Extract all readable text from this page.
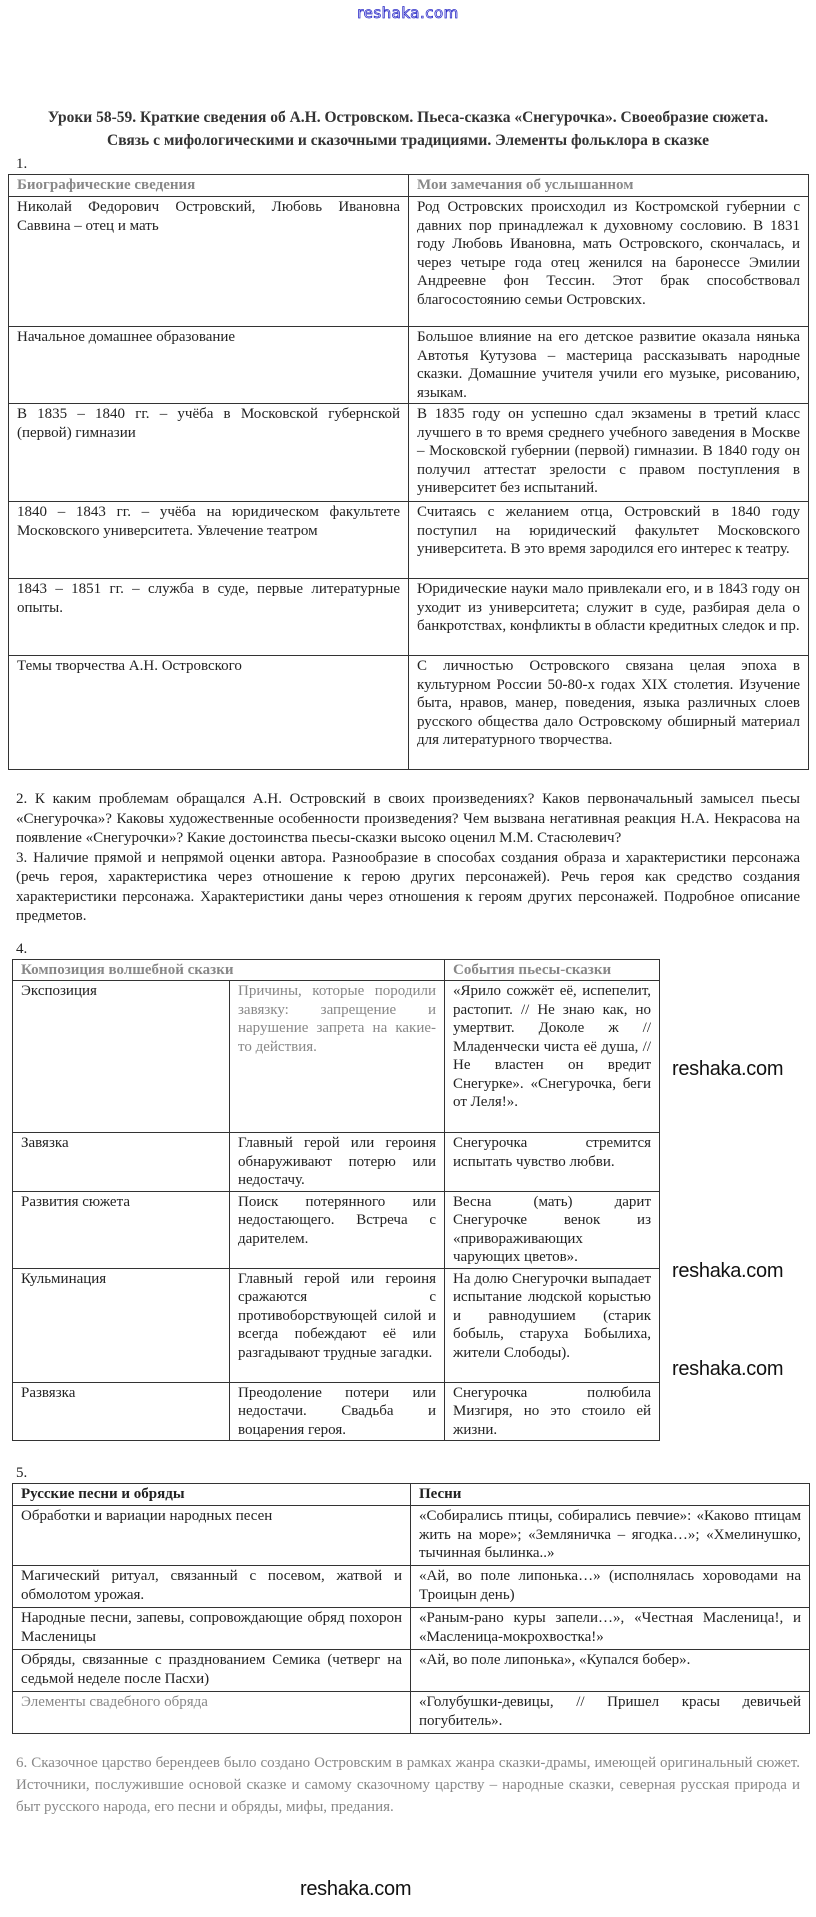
reshaka.com
Уроки 58-59. Краткие сведения об А.Н. Островском. Пьеса-сказка «Снегурочка». Своеобразие сюжета.
Связь с мифологическими и сказочными традициями. Элементы фольклора в сказке
1.
Биографические сведения	Мои замечания об услышанном
Николай Федорович Островский, Любовь Ивановна Саввина – отец и мать	Род Островских происходил из Костромской губернии с давних пор принадлежал к духовному сословию. В 1831 году Любовь Ивановна, мать Островского, скончалась, и через четыре года отец женился на баронессе Эмилии Андреевне фон Тессин. Этот брак способствовал благосостоянию семьи Островских.
Начальное домашнее образование	Большое влияние на его детское развитие оказала нянька Автотья Кутузова – мастерица рассказывать народные сказки. Домашние учителя учили его музыке, рисованию, языкам.
В 1835 – 1840 гг. – учёба в Московской губернской (первой) гимназии	В 1835 году он успешно сдал экзамены в третий класс лучшего в то время среднего учебного заведения в Москве – Московской губернии (первой) гимназии. В 1840 году он получил аттестат зрелости с правом поступления в университет без испытаний.
1840 – 1843 гг. – учёба на юридическом факультете Московского университета. Увлечение театром	Считаясь с желанием отца, Островский в 1840 году поступил на юридический факультет Московского университета. В это время зародился его интерес к театру.
1843 – 1851 гг. – служба в суде, первые литературные опыты.	Юридические науки мало привлекали его, и в 1843 году он уходит из университета; служит в суде, разбирая дела о банкротствах, конфликты в области кредитных следок и пр.
Темы творчества А.Н. Островского	С личностью Островского связана целая эпоха в культурном России 50-80-х годах XIX столетия. Изучение быта, нравов, манер, поведения, языка различных слоев русского общества дало Островскому обширный материал для литературного творчества.
2. К каким проблемам обращался А.Н. Островский в своих произведениях? Каков первоначальный замысел пьесы «Снегурочка»? Каковы художественные особенности произведения? Чем вызвана негативная реакция Н.А. Некрасова на появление «Снегурочки»? Какие достоинства пьесы-сказки высоко оценил М.М. Стасюлевич?
3. Наличие прямой и непрямой оценки автора. Разнообразие в способах создания образа и характеристики персонажа (речь героя, характеристика через отношение к герою других персонажей). Речь героя как средство создания характеристики персонажа. Характеристики даны через отношения к героям других персонажей. Подробное описание предметов.
4.
Композиция волшебной сказки		События пьесы-сказки
Экспозиция	Причины, которые породили завязку: запрещение и нарушение запрета на какие-то действия.	«Ярило сожжёт её, испепелит, растопит. // Не знаю как, но умертвит. Доколе ж // Младенчески чиста её душа, // Не властен он вредит Снегурке». «Снегурочка, беги от Леля!».
Завязка	Главный герой или героиня обнаруживают потерю или недостачу.	Снегурочка стремится испытать чувство любви.
Развития сюжета	Поиск потерянного или недостающего. Встреча с дарителем.	Весна (мать) дарит Снегурочке венок из «привораживающих чарующих цветов».
Кульминация	Главный герой или героиня сражаются с противоборствующей силой и всегда побеждают её или разгадывают трудные загадки.	На долю Снегурочки выпадает испытание людской корыстью и равнодушием (старик бобыль, старуха Бобылиха, жители Слободы).
Развязка	Преодоление потери или недостачи. Свадьба и воцарения героя.	Снегурочка полюбила Мизгиря, но это стоило ей жизни.
5.
Русские песни и обряды	Песни
Обработки и вариации народных песен	«Собирались птицы, собирались певчие»: «Каково птицам жить на море»; «Земляничка – ягодка…»; «Хмелинушко, тычинная былинка..»
Магический ритуал, связанный с посевом, жатвой и обмолотом урожая.	«Ай, во поле липонька…» (исполнялась хороводами на Троицын день)
Народные песни, запевы, сопровождающие обряд похорон Масленицы	«Раным-рано куры запели…», «Честная Масленица!, и «Масленица-мокрохвостка!»
Обряды, связанные с празднованием Семика (четверг на седьмой неделе после Пасхи)	«Ай, во поле липонька», «Купался бобер».
Элементы свадебного обряда	«Голубушки-девицы, // Пришел красы девичьей погубитель».
6. Сказочное царство берендеев было создано Островским в рамках жанра сказки-драмы, имеющей оригинальный сюжет. Источники, послужившие основой сказке и самому сказочному царству – народные сказки, северная русская природа и быт русского народа, его песни и обряды, мифы, предания.
reshaka.com
reshaka.com
reshaka.com
reshaka.com
